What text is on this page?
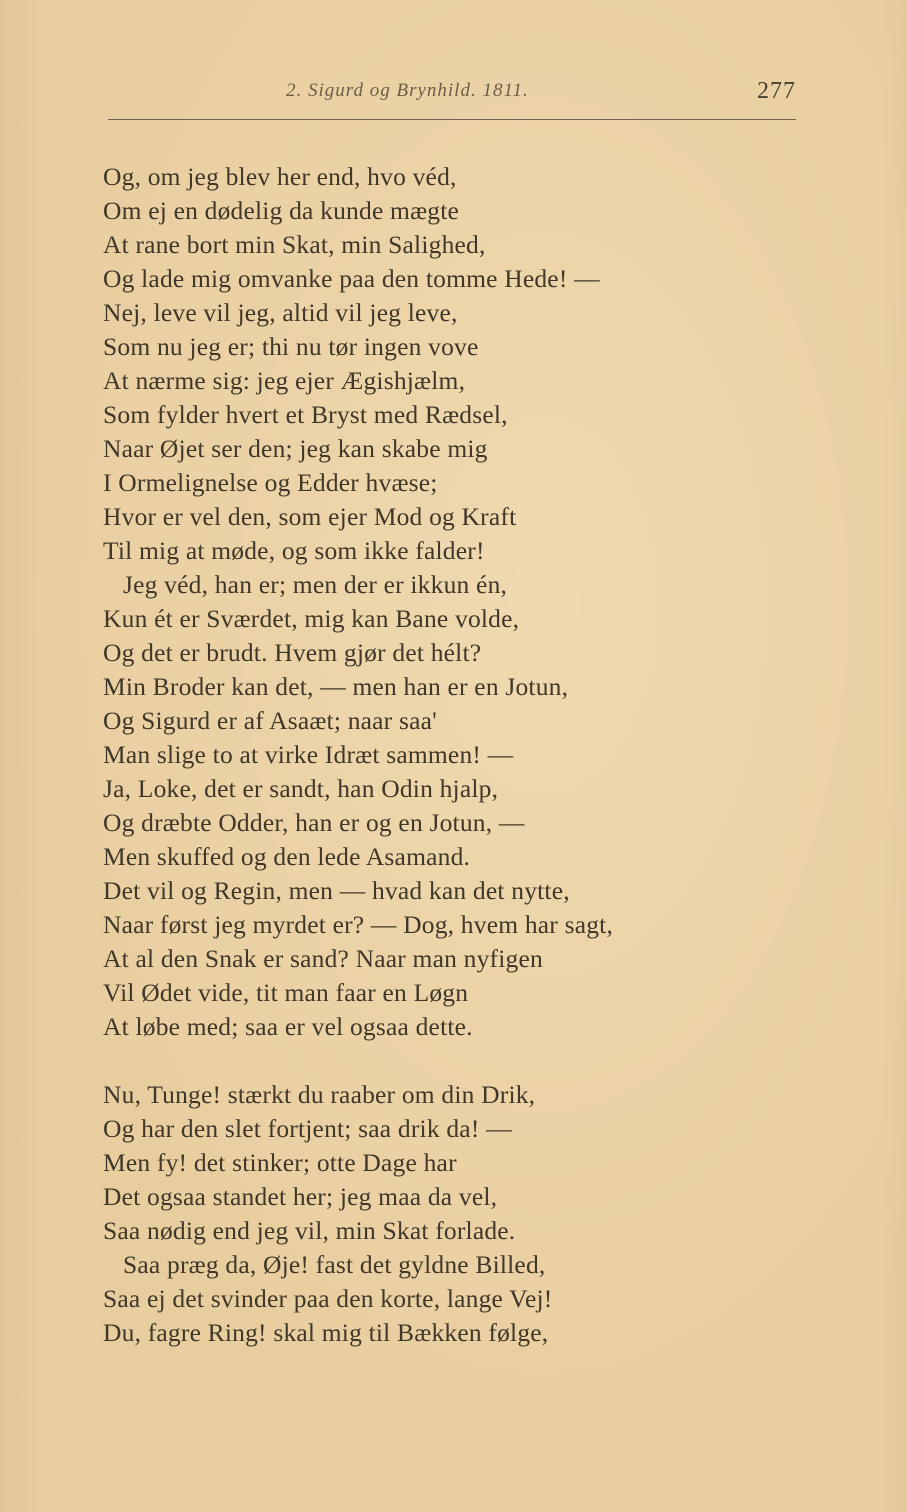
2. Sigurd og Brynhild. 1811.	277
Og, om jeg blev her end, hvo véd,
Om ej en dødelig da kunde mægte
At rane bort min Skat, min Salighed,
Og lade mig omvanke paa den tomme Hede! —
Nej, leve vil jeg, altid vil jeg leve,
Som nu jeg er; thi nu tør ingen vove
At nærme sig: jeg ejer Ægishjælm,
Som fylder hvert et Bryst med Rædsel,
Naar Øjet ser den; jeg kan skabe mig
I Ormelignelse og Edder hvæse;
Hvor er vel den, som ejer Mod og Kraft
Til mig at møde, og som ikke falder!
Jeg véd, han er; men der er ikkun én,
Kun ét er Sværdet, mig kan Bane volde,
Og det er brudt. Hvem gjør det hélt?
Min Broder kan det, — men han er en Jotun,
Og Sigurd er af Asaæt; naar saa'
Man slige to at virke Idræt sammen! —
Ja, Loke, det er sandt, han Odin hjalp,
Og dræbte Odder, han er og en Jotun, —
Men skuffed og den lede Asamand.
Det vil og Regin, men — hvad kan det nytte,
Naar først jeg myrdet er? — Dog, hvem har sagt,
At al den Snak er sand? Naar man nyfigen
Vil Ødet vide, tit man faar en Løgn
At løbe med; saa er vel ogsaa dette.
Nu, Tunge! stærkt du raaber om din Drik,
Og har den slet fortjent; saa drik da! —
Men fy! det stinker; otte Dage har
Det ogsaa standet her; jeg maa da vel,
Saa nødig end jeg vil, min Skat forlade.
Saa præg da, Øje! fast det gyldne Billed,
Saa ej det svinder paa den korte, lange Vej!
Du, fagre Ring! skal mig til Bækken følge,
